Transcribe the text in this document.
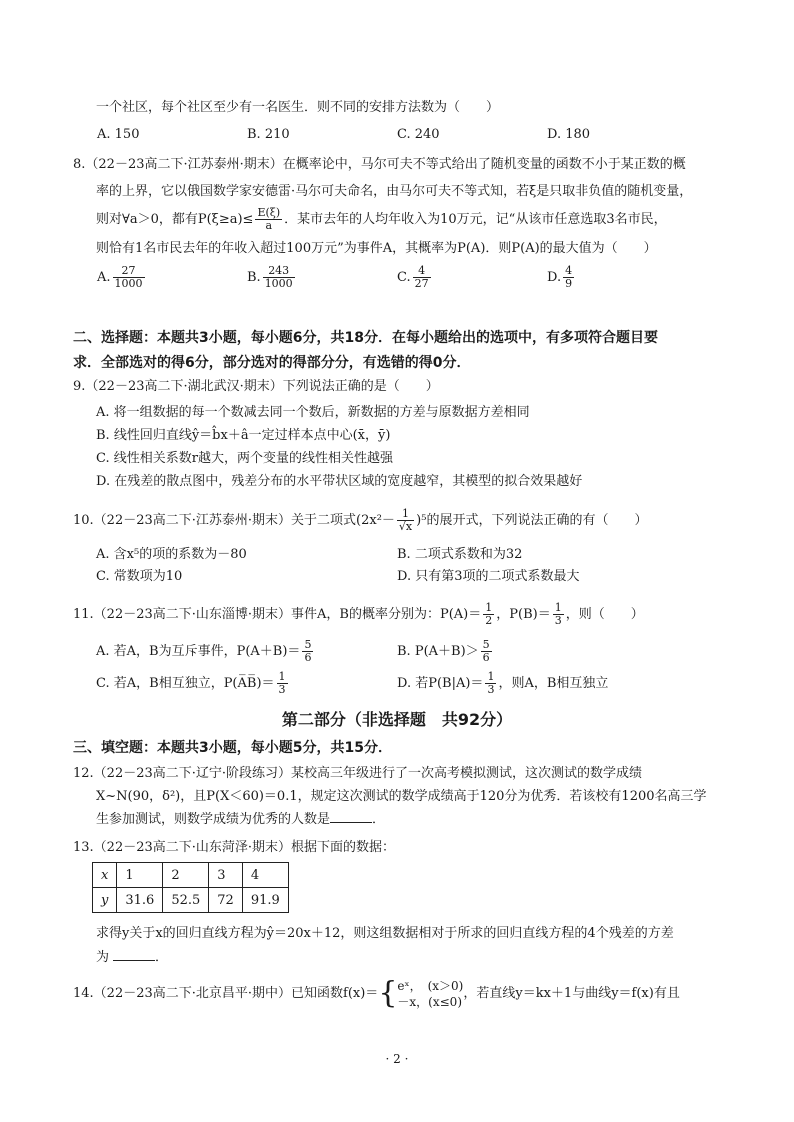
一个社区，每个社区至少有一名医生．则不同的安排方法数为（　　）
A. 150	B. 210	C. 240	D. 180
8.（22－23高二下·江苏泰州·期末）在概率论中，马尔可夫不等式给出了随机变量的函数不小于某正数的概
率的上界，它以俄国数学家安德雷·马尔可夫命名，由马尔可夫不等式知，若ξ是只取非负值的随机变量，
则对∀a＞0，都有$P(\xi\ge a)\le \frac{E(\xi)}{a}$ ．某市去年的人均年收入为10万元，记“从该市任意选取3名市民，
则恰有1名市民去年的年收入超过100万元”为事件A，其概率为P(A)．则P(A)的最大值为（　　）
A. $\frac{27}{1000}$	B. $\frac{243}{1000}$	C. $\frac{4}{27}$	D. $\frac{4}{9}$
二、选择题：本题共3小题，每小题6分，共18分．在每小题给出的选项中，有多项符合题目要
求．全部选对的得6分，部分选对的得部分分，有选错的得0分．
9.（22－23高二下·湖北武汉·期末）下列说法正确的是（　　）
A. 将一组数据的每一个数减去同一个数后，新数据的方差与原数据方差相同
B. 线性回归直线ŷ＝b̂x＋â一定过样本点中心(x̄，ȳ)
C. 线性相关系数r越大，两个变量的线性相关性越强
D. 在残差的散点图中，残差分布的水平带状区域的宽度越窄，其模型的拟合效果越好
10.（22－23高二下·江苏泰州·期末）关于二项式$(2x^2- \frac{1}{√x} )^5$的展开式，下列说法正确的有（　　）
A. 含x⁵的项的系数为－80	B. 二项式系数和为32
C. 常数项为10	D. 只有第3项的二项式系数最大
11.（22－23高二下·山东淄博·期末）事件A，B的概率分别为：$P(A)= \frac{1}{2}$ ，$P(B)= \frac{1}{3}$ ，则（　　）
A. 若A，B为互斥事件，$P(A+B)= \frac{5}{6}$	B. $P(A+B)> \frac{5}{6}$
C. 若A，B相互独立，P(A̅B̅)＝ $\frac{1}{3}$	D. 若$P(B|A)= \frac{1}{3}$ ，则A，B相互独立
第二部分（非选择题　共92分）
三、填空题：本题共3小题，每小题5分，共15分．
12.（22－23高二下·辽宁·阶段练习）某校高三年级进行了一次高考模拟测试，这次测试的数学成绩
X~N(90，δ²)，且P(X＜60)＝0.1，规定这次测试的数学成绩高于120分为优秀．若该校有1200名高三学
生参加测试，则数学成绩为优秀的人数是	．
13.（22－23高二下·山东菏泽·期末）根据下面的数据：
x	1	2	3	4
y	31.6	52.5	72	91.9
求得y关于x的回归直线方程为ŷ＝20x＋12，则这组数据相对于所求的回归直线方程的4个残差的方差
为	．
14.（22－23高二下·北京昌平·期中）已知函数f(x)＝{ eˣ，　(x＞0)
－x，(x≤0)
，若直线y＝kx＋1与曲线y＝f(x)有且
· 2 ·
